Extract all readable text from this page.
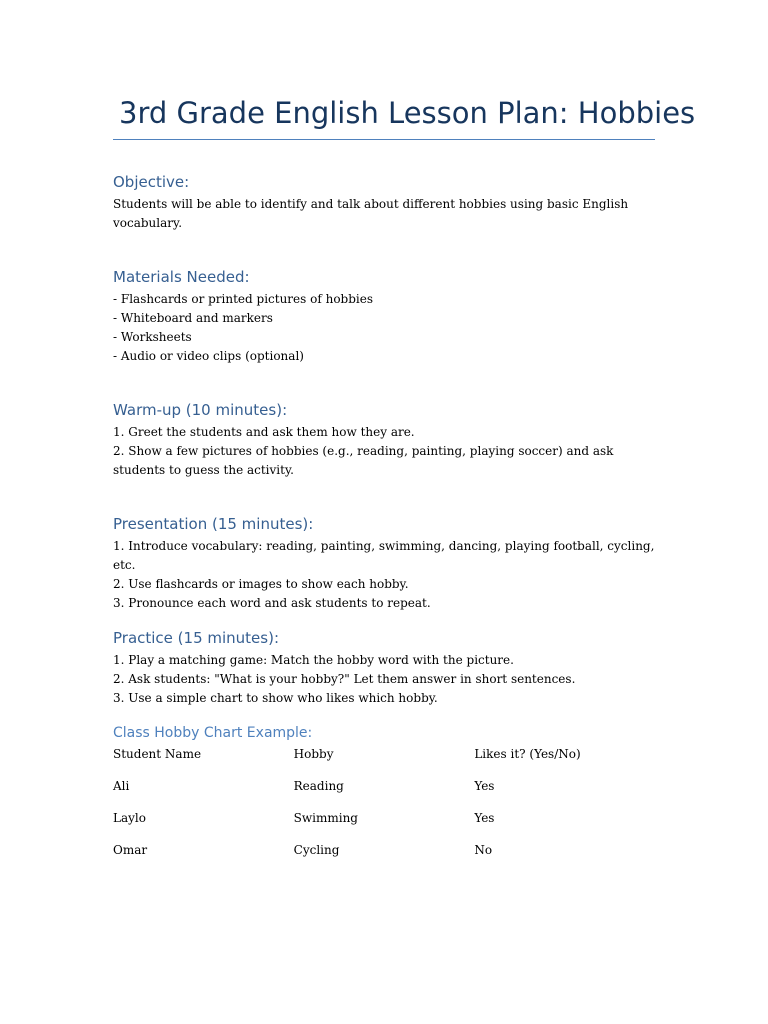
3rd Grade English Lesson Plan: Hobbies
Objective:

Students will be able to identify and talk about different hobbies using basic English vocabulary.

Materials Needed:
- Flashcards or printed pictures of hobbies
- Whiteboard and markers
- Worksheets
- Audio or video clips (optional)
Warm-up (10 minutes):
1. Greet the students and ask them how they are.
2. Show a few pictures of hobbies (e.g., reading, painting, playing soccer) and ask students to guess the activity.
Presentation (15 minutes):
1. Introduce vocabulary: reading, painting, swimming, dancing, playing football, cycling, etc.
2. Use flashcards or images to show each hobby.
3. Pronounce each word and ask students to repeat.
Practice (15 minutes):
1. Play a matching game: Match the hobby word with the picture.
2. Ask students: "What is your hobby?" Let them answer in short sentences.
3. Use a simple chart to show who likes which hobby.
Class Hobby Chart Example:
Student Name	Hobby	Likes it? (Yes/No)
Ali	Reading	Yes
Laylo	Swimming	Yes
Omar	Cycling	No
